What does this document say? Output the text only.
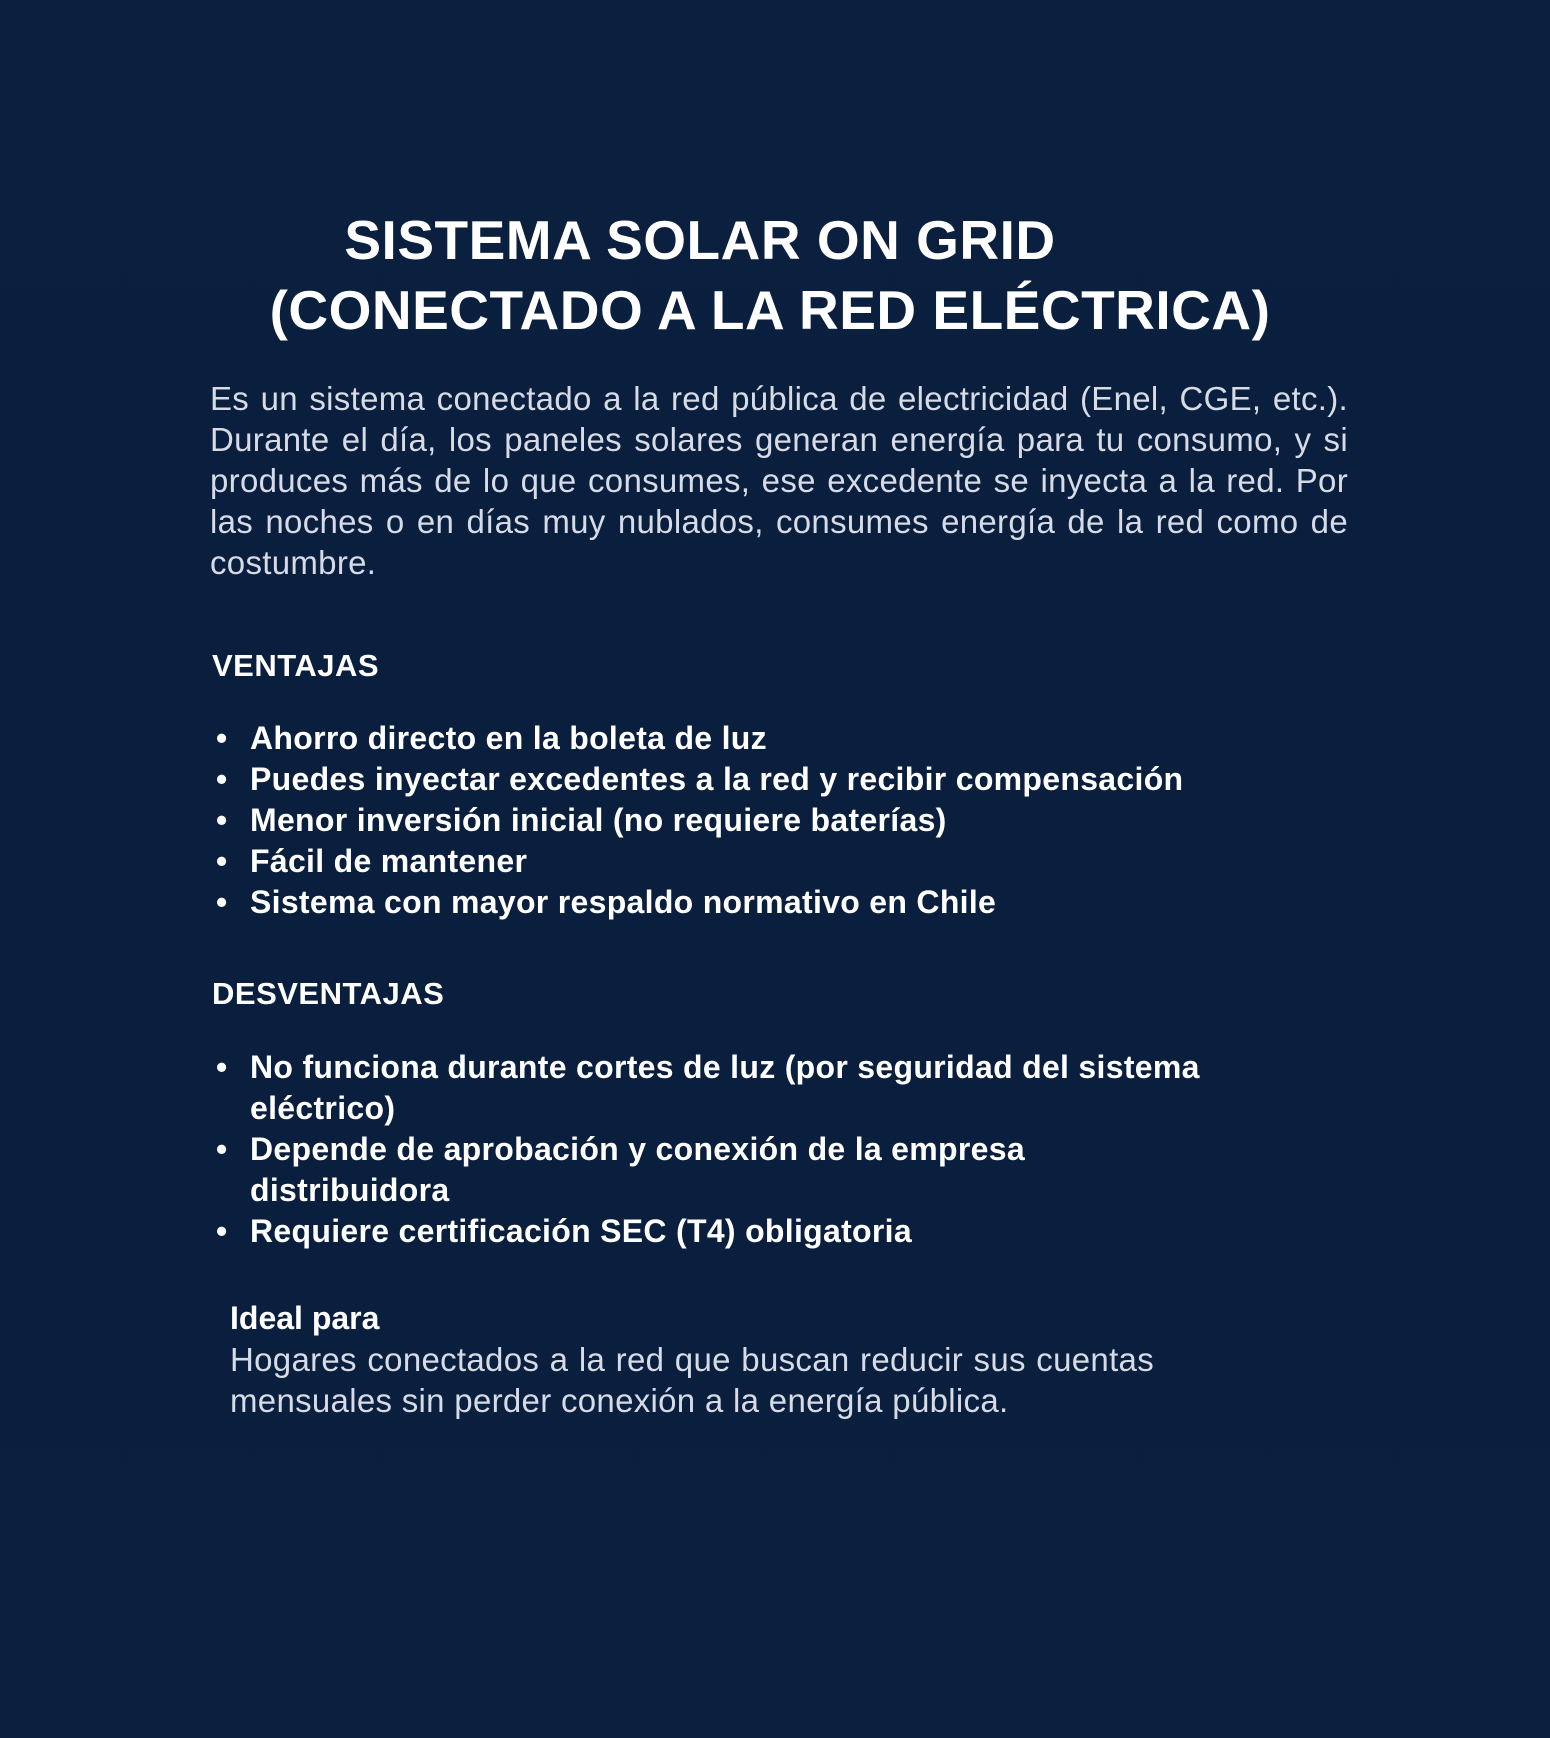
SISTEMA SOLAR ON GRID
(CONECTADO A LA RED ELÉCTRICA)

Es un sistema conectado a la red pública de electricidad (Enel, CGE, etc.). Durante el día, los paneles solares generan energía para tu consumo, y si produces más de lo que consumes, ese excedente se inyecta a la red. Por las noches o en días muy nublados, consumes energía de la red como de costumbre.

VENTAJAS
• Ahorro directo en la boleta de luz
• Puedes inyectar excedentes a la red y recibir compensación
• Menor inversión inicial (no requiere baterías)
• Fácil de mantener
• Sistema con mayor respaldo normativo en Chile
DESVENTAJAS
• No funciona durante cortes de luz (por seguridad del sistema eléctrico)
• Depende de aprobación y conexión de la empresa distribuidora
• Requiere certificación SEC (T4) obligatoria

Ideal para

Hogares conectados a la red que buscan reducir sus cuentas mensuales sin perder conexión a la energía pública.
